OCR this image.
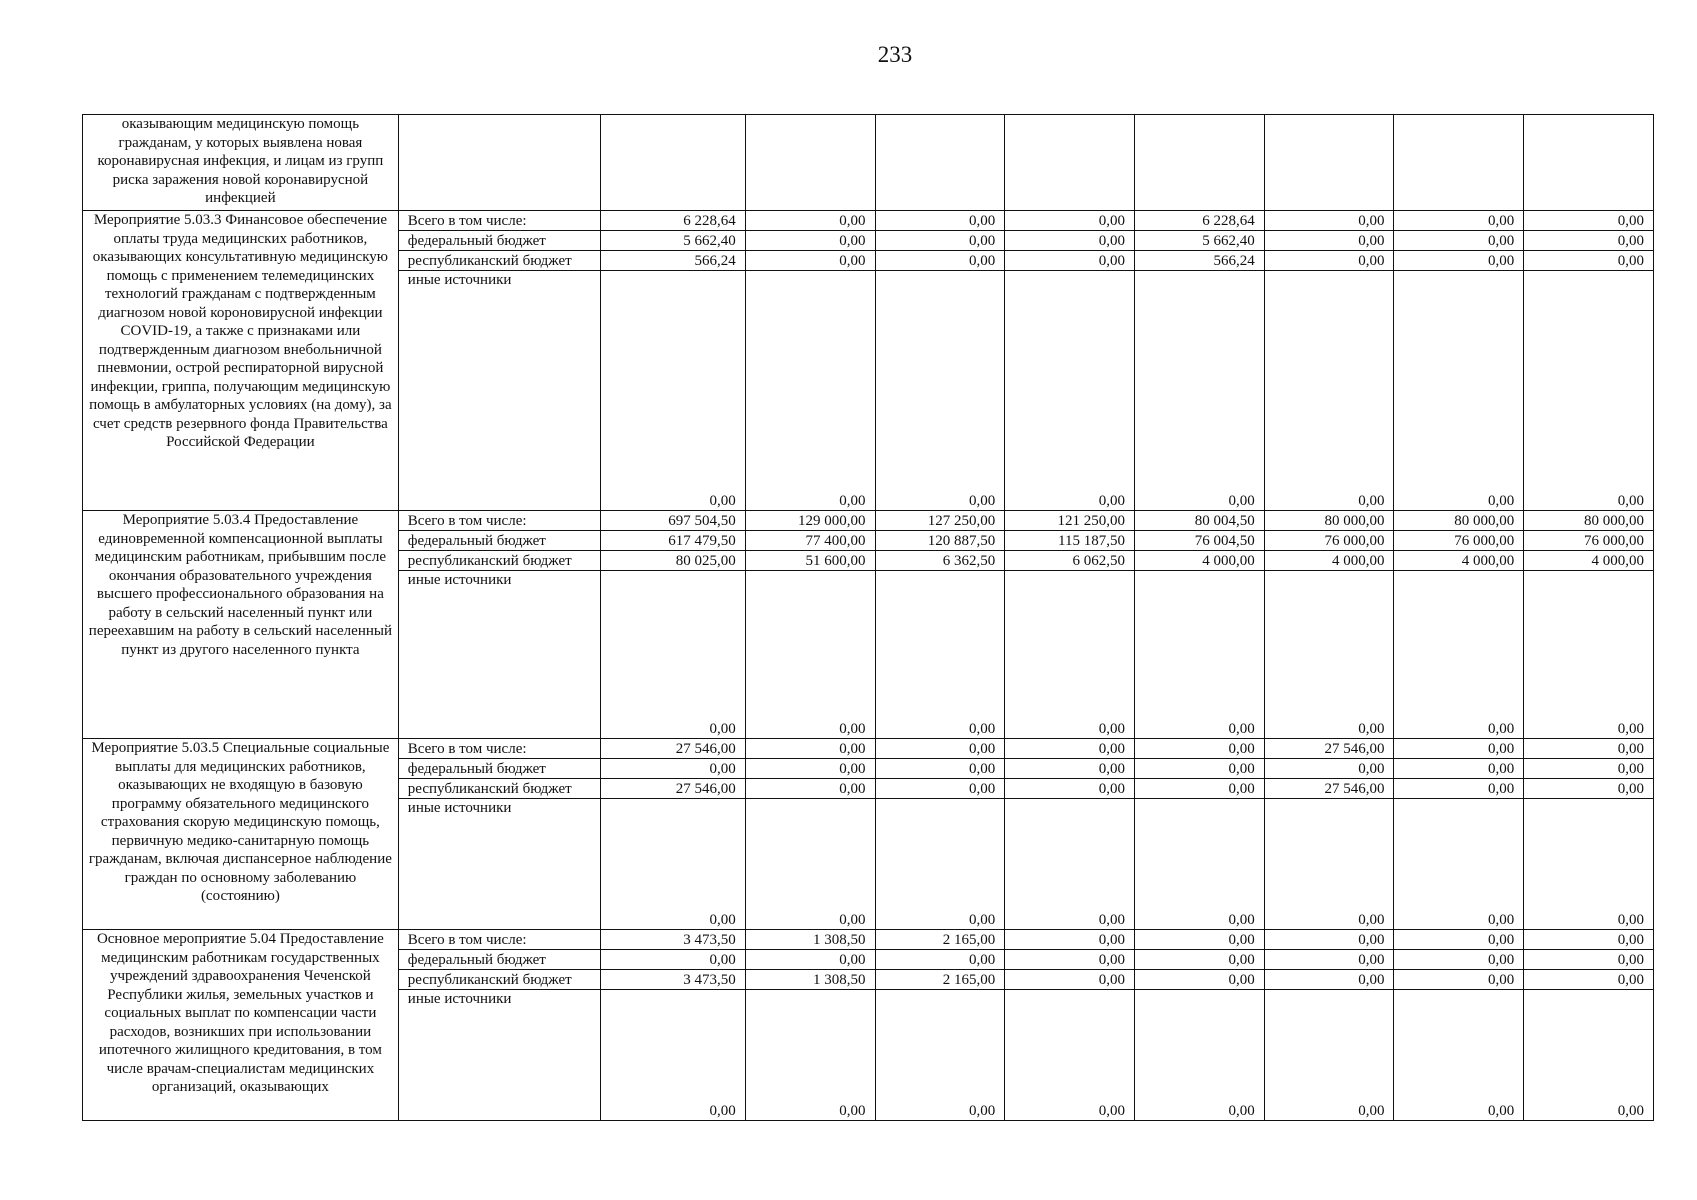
233
оказывающим медицинскую помощь гражданам, у которых выявлена новая коронавирусная инфекция, и лицам из групп риска заражения новой коронавирусной инфекцией									
Мероприятие 5.03.3 Финансовое обеспечение оплаты труда медицинских работников, оказывающих консультативную медицинскую помощь с применением телемедицинских технологий гражданам с подтвержденным диагнозом новой короновирусной инфекции COVID-19, а также с признаками или подтвержденным диагнозом внебольничной пневмонии, острой респираторной вирусной инфекции, гриппа, получающим медицинскую помощь в амбулаторных условиях (на дому), за счет средств резервного фонда Правительства Российской Федерации	Всего в том числе:	6 228,64	0,00	0,00	0,00	6 228,64	0,00	0,00	0,00
	федеральный бюджет	5 662,40	0,00	0,00	0,00	5 662,40	0,00	0,00	0,00
	республиканский бюджет	566,24	0,00	0,00	0,00	566,24	0,00	0,00	0,00
	иные источники	0,00	0,00	0,00	0,00	0,00	0,00	0,00	0,00
Мероприятие 5.03.4 Предоставление единовременной компенсационной выплаты медицинским работникам, прибывшим после окончания образовательного учреждения высшего профессионального образования на работу в сельский населенный пункт или переехавшим на работу в сельский населенный пункт из другого населенного пункта	Всего в том числе:	697 504,50	129 000,00	127 250,00	121 250,00	80 004,50	80 000,00	80 000,00	80 000,00
	федеральный бюджет	617 479,50	77 400,00	120 887,50	115 187,50	76 004,50	76 000,00	76 000,00	76 000,00
	республиканский бюджет	80 025,00	51 600,00	6 362,50	6 062,50	4 000,00	4 000,00	4 000,00	4 000,00
	иные источники	0,00	0,00	0,00	0,00	0,00	0,00	0,00	0,00
Мероприятие 5.03.5 Специальные социальные выплаты для медицинских работников, оказывающих не входящую в базовую программу обязательного медицинского страхования скорую медицинскую помощь, первичную медико-санитарную помощь гражданам, включая диспансерное наблюдение граждан по основному заболеванию (состоянию)	Всего в том числе:	27 546,00	0,00	0,00	0,00	0,00	27 546,00	0,00	0,00
	федеральный бюджет	0,00	0,00	0,00	0,00	0,00	0,00	0,00	0,00
	республиканский бюджет	27 546,00	0,00	0,00	0,00	0,00	27 546,00	0,00	0,00
	иные источники	0,00	0,00	0,00	0,00	0,00	0,00	0,00	0,00
Основное мероприятие 5.04 Предоставление медицинским работникам государственных учреждений здравоохранения Чеченской Республики жилья, земельных участков и социальных выплат по компенсации части расходов, возникших при использовании ипотечного жилищного кредитования, в том числе врачам-специалистам медицинских организаций, оказывающих	Всего в том числе:	3 473,50	1 308,50	2 165,00	0,00	0,00	0,00	0,00	0,00
	федеральный бюджет	0,00	0,00	0,00	0,00	0,00	0,00	0,00	0,00
	республиканский бюджет	3 473,50	1 308,50	2 165,00	0,00	0,00	0,00	0,00	0,00
	иные источники	0,00	0,00	0,00	0,00	0,00	0,00	0,00	0,00
